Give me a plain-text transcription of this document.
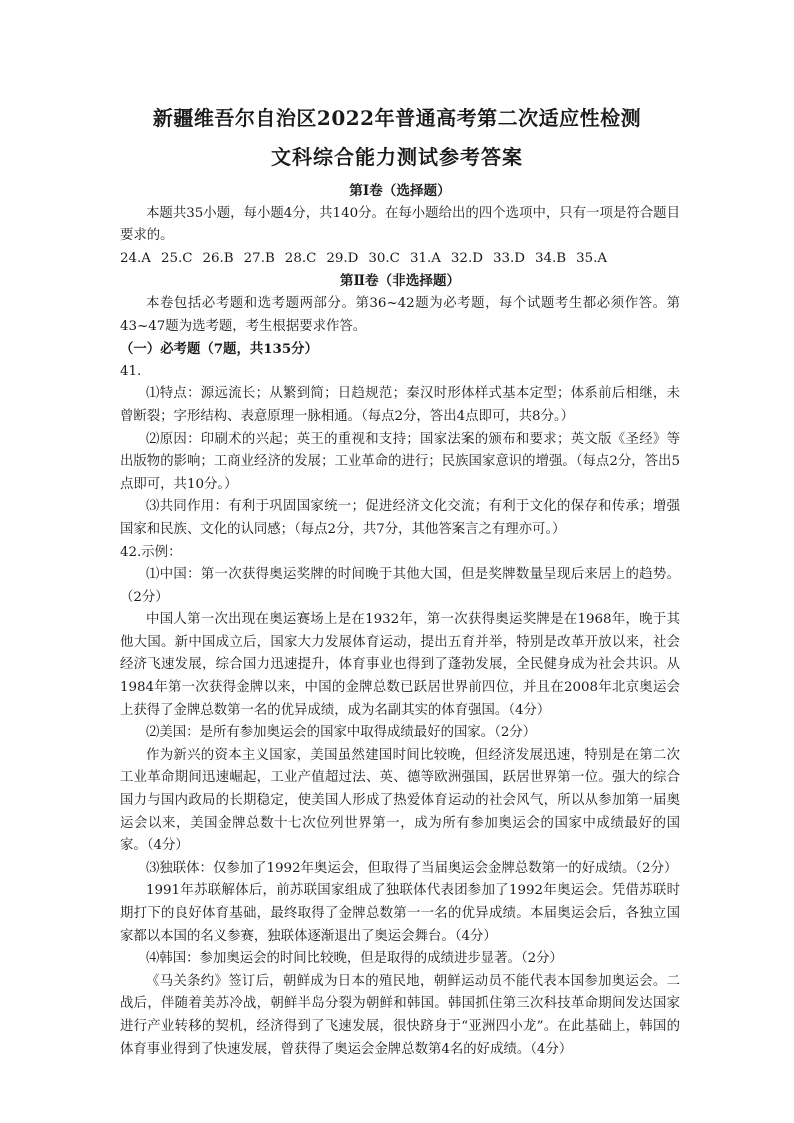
新疆维吾尔自治区2022年普通高考第二次适应性检测
文科综合能力测试参考答案
第Ⅰ卷（选择题）

本题共35小题，每小题4分，共140分。在每小题给出的四个选项中，只有一项是符合题目要求的。

24.A 25.C 26.B 27.B 28.C 29.D 30.C 31.A 32.D 33.D 34.B 35.A

第Ⅱ卷（非选择题）

本卷包括必考题和选考题两部分。第36~42题为必考题，每个试题考生都必须作答。第43~47题为选考题，考生根据要求作答。

（一）必考题（7题，共135分）

41.

⑴特点：源远流长；从繁到简；日趋规范；秦汉时形体样式基本定型；体系前后相继，未曾断裂；字形结构、表意原理一脉相通。（每点2分，答出4点即可，共8分。）

⑵原因：印刷术的兴起；英王的重视和支持；国家法案的颁布和要求；英文版《圣经》等出版物的影响；工商业经济的发展；工业革命的进行；民族国家意识的增强。（每点2分，答出5点即可，共10分。）

⑶共同作用：有利于巩固国家统一；促进经济文化交流；有利于文化的保存和传承；增强国家和民族、文化的认同感；（每点2分，共7分，其他答案言之有理亦可。）

42.示例：

⑴中国：第一次获得奥运奖牌的时间晚于其他大国，但是奖牌数量呈现后来居上的趋势。（2分）

中国人第一次出现在奥运赛场上是在1932年，第一次获得奥运奖牌是在1968年，晚于其他大国。新中国成立后，国家大力发展体育运动，提出五育并举，特别是改革开放以来，社会经济飞速发展，综合国力迅速提升，体育事业也得到了蓬勃发展，全民健身成为社会共识。从1984年第一次获得金牌以来，中国的金牌总数已跃居世界前四位，并且在2008年北京奥运会上获得了金牌总数第一名的优异成绩，成为名副其实的体育强国。（4分）

⑵美国：是所有参加奥运会的国家中取得成绩最好的国家。（2分）

作为新兴的资本主义国家，美国虽然建国时间比较晚，但经济发展迅速，特别是在第二次工业革命期间迅速崛起，工业产值超过法、英、德等欧洲强国，跃居世界第一位。强大的综合国力与国内政局的长期稳定，使美国人形成了热爱体育运动的社会风气，所以从参加第一届奥运会以来，美国金牌总数十七次位列世界第一，成为所有参加奥运会的国家中成绩最好的国家。（4分）

⑶独联体：仅参加了1992年奥运会，但取得了当届奥运会金牌总数第一的好成绩。（2分）

1991年苏联解体后，前苏联国家组成了独联体代表团参加了1992年奥运会。凭借苏联时期打下的良好体育基础，最终取得了金牌总数第一一名的优异成绩。本届奥运会后，各独立国家都以本国的名义参赛，独联体逐渐退出了奥运会舞台。（4分）

⑷韩国：参加奥运会的时间比较晚，但是取得的成绩进步显著。（2分）

《马关条约》签订后，朝鲜成为日本的殖民地，朝鲜运动员不能代表本国参加奥运会。二战后，伴随着美苏冷战，朝鲜半岛分裂为朝鲜和韩国。韩国抓住第三次科技革命期间发达国家进行产业转移的契机，经济得到了飞速发展，很快跻身于“亚洲四小龙”。在此基础上，韩国的体育事业得到了快速发展，曾获得了奥运会金牌总数第4名的好成绩。（4分）
